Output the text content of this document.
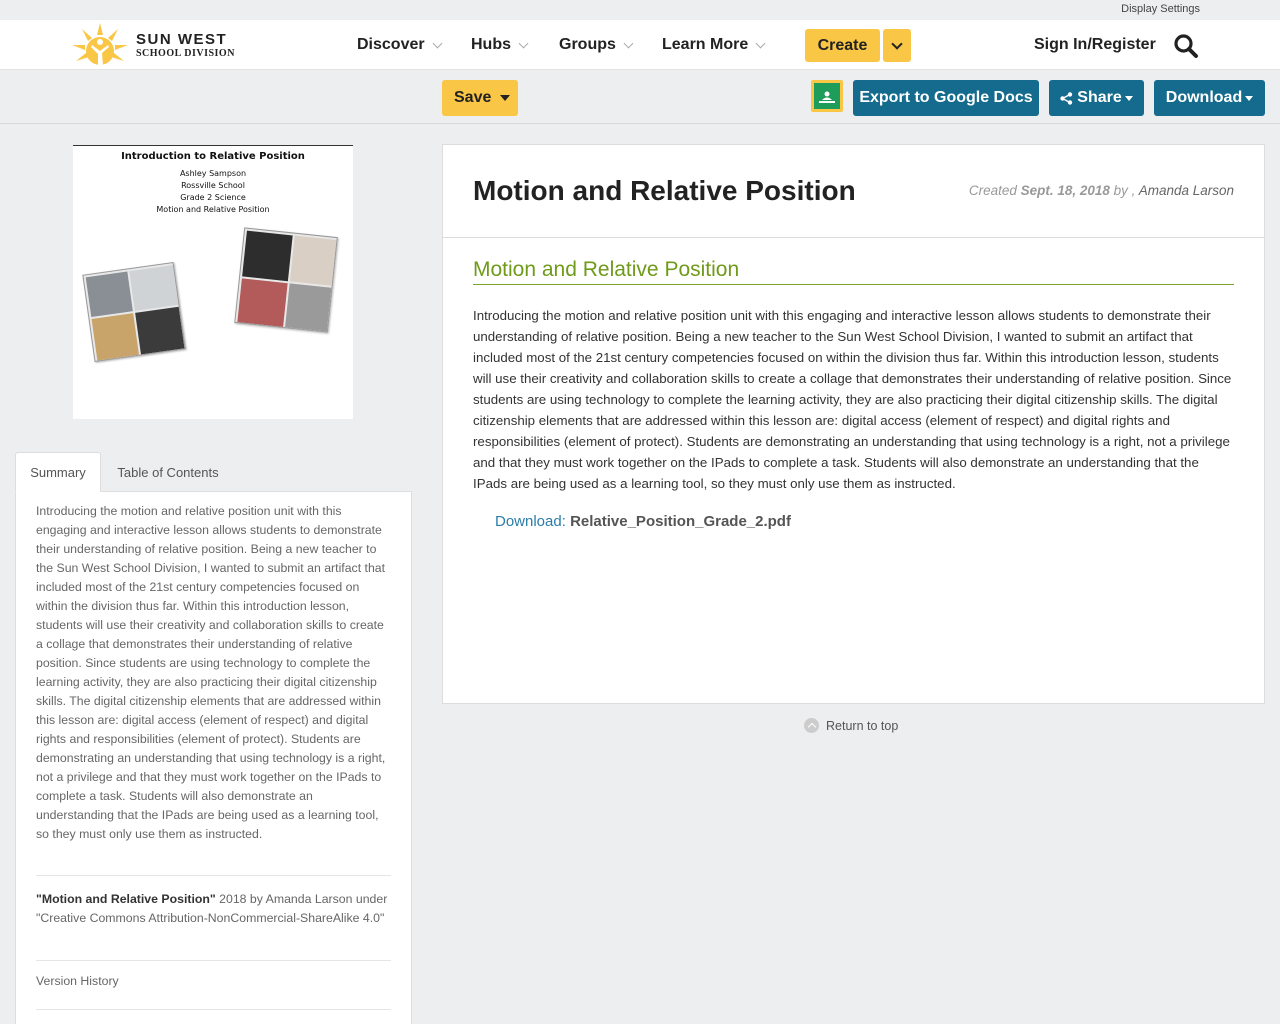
Display Settings
SUN WEST
SCHOOL DIVISION	Discover	Hubs	Groups	Learn More	Create	Sign In/Register
Save	Export to Google Docs	Share	Download
Introduction to Relative Position
Ashley Sampson
Rossville School
Grade 2 Science
Motion and Relative Position
Summary	Table of Contents
Introducing the motion and relative position unit with this engaging and interactive lesson allows students to demonstrate their understanding of relative position. Being a new teacher to the Sun West School Division, I wanted to submit an artifact that included most of the 21st century competencies focused on within the division thus far. Within this introduction lesson, students will use their creativity and collaboration skills to create a collage that demonstrates their understanding of relative position. Since students are using technology to complete the learning activity, they are also practicing their digital citizenship skills. The digital citizenship elements that are addressed within this lesson are: digital access (element of respect) and digital rights and responsibilities (element of protect). Students are demonstrating an understanding that using technology is a right, not a privilege and that they must work together on the IPads to complete a task. Students will also demonstrate an understanding that the IPads are being used as a learning tool, so they must only use them as instructed.
"Motion and Relative Position" 2018 by Amanda Larson under "Creative Commons Attribution-NonCommercial-ShareAlike 4.0"
Version History
Motion and Relative Position	Created Sept. 18, 2018 by , Amanda Larson
Motion and Relative Position
Introducing the motion and relative position unit with this engaging and interactive lesson allows students to demonstrate their understanding of relative position. Being a new teacher to the Sun West School Division, I wanted to submit an artifact that included most of the 21st century competencies focused on within the division thus far. Within this introduction lesson, students will use their creativity and collaboration skills to create a collage that demonstrates their understanding of relative position. Since students are using technology to complete the learning activity, they are also practicing their digital citizenship skills. The digital citizenship elements that are addressed within this lesson are: digital access (element of respect) and digital rights and responsibilities (element of protect). Students are demonstrating an understanding that using technology is a right, not a privilege and that they must work together on the IPads to complete a task. Students will also demonstrate an understanding that the IPads are being used as a learning tool, so they must only use them as instructed.
Download: Relative_Position_Grade_2.pdf
Return to top
